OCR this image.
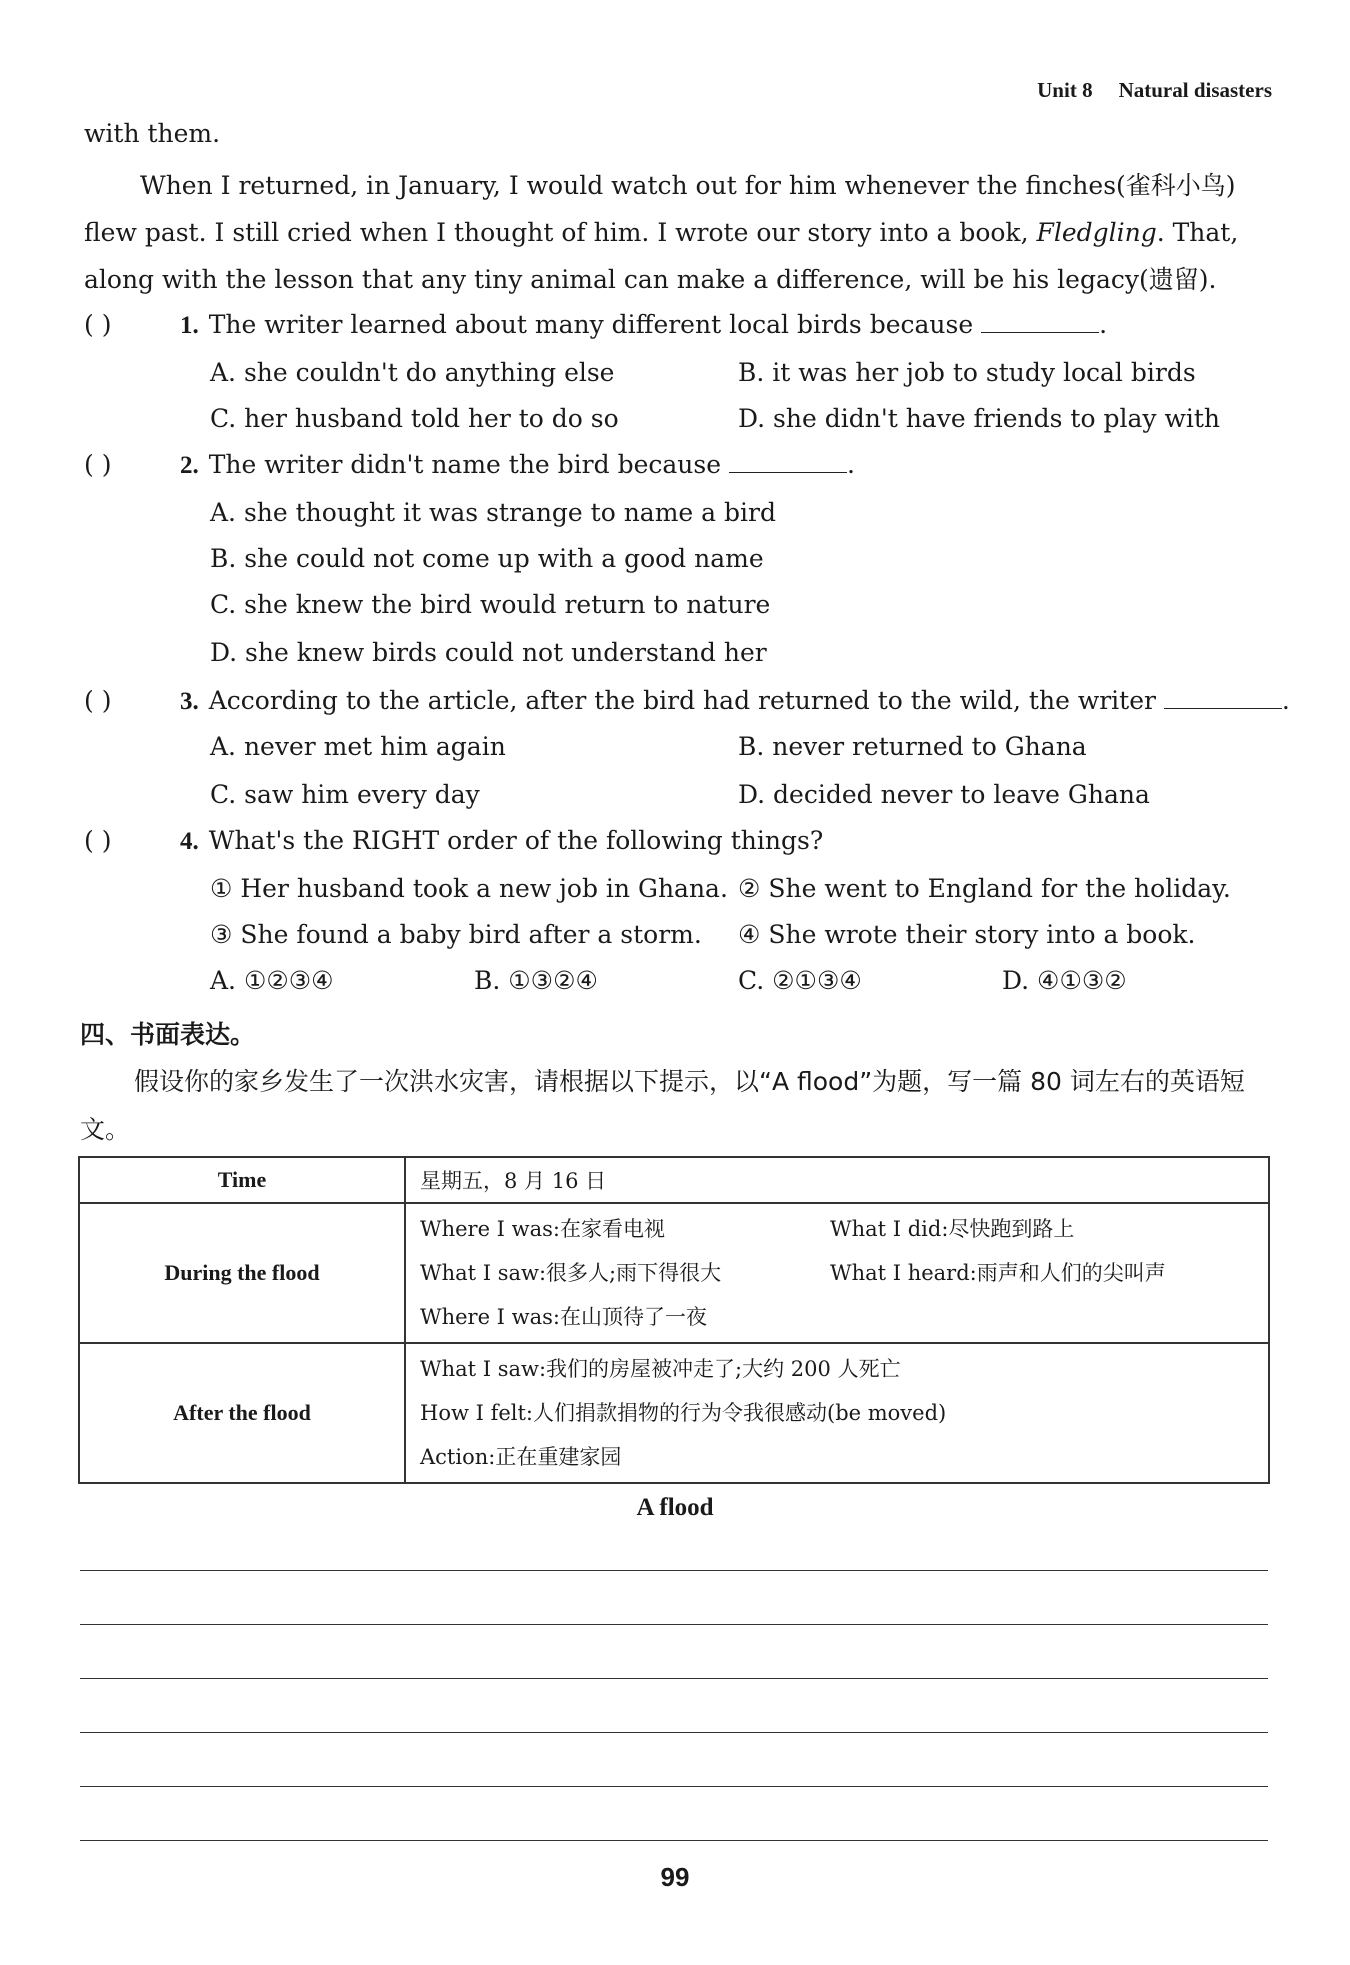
Unit 8 Natural disasters
with them.
When I returned, in January, I would watch out for him whenever the finches(雀科小鸟) flew past. I still cried when I thought of him. I wrote our story into a book, Fledgling. That, along with the lesson that any tiny animal can make a difference, will be his legacy(遗留).
( )	1. The writer learned about many different local birds because	.
A. she couldn't do anything else	B. it was her job to study local birds
C. her husband told her to do so	D. she didn't have friends to play with
( )	2. The writer didn't name the bird because	.
A. she thought it was strange to name a bird
B. she could not come up with a good name
C. she knew the bird would return to nature
D. she knew birds could not understand her
( )	3. According to the article, after the bird had returned to the wild, the writer	.
A. never met him again	B. never returned to Ghana
C. saw him every day	D. decided never to leave Ghana
( )	4. What's the RIGHT order of the following things?
① Her husband took a new job in Ghana. ② She went to England for the holiday.
③ She found a baby bird after a storm. ④ She wrote their story into a book.
A. ①②③④	B. ①③②④	C. ②①③④	D. ④①③②
四、书面表达。
假设你的家乡发生了一次洪水灾害，请根据以下提示，以“A flood”为题，写一篇 80 词左右的英语短文。
Time	星期五，8 月 16 日
During the flood	Where I was:在家看电视 What I did:尽快跑到路上
What I saw:很多人;雨下得很大 What I heard:雨声和人们的尖叫声
Where I was:在山顶待了一夜

After the flood	What I saw:我们的房屋被冲走了;大约 200 人死亡
How I felt:人们捐款捐物的行为令我很感动(be moved)
Action:正在重建家园
A flood
99
